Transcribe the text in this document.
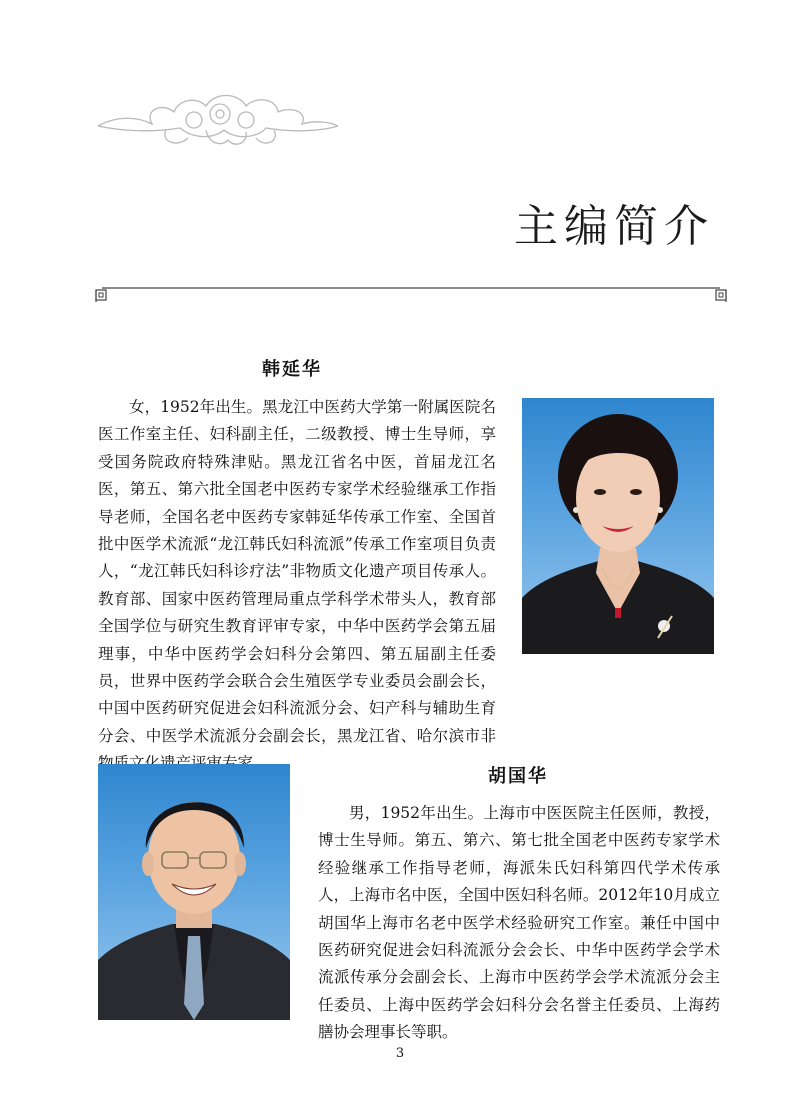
主编简介
韩延华

女，1952年出生。黑龙江中医药大学第一附属医院名医工作室主任、妇科副主任，二级教授、博士生导师，享受国务院政府特殊津贴。黑龙江省名中医，首届龙江名医，第五、第六批全国老中医药专家学术经验继承工作指导老师，全国名老中医药专家韩延华传承工作室、全国首批中医学术流派“龙江韩氏妇科流派”传承工作室项目负责人，“龙江韩氏妇科诊疗法”非物质文化遗产项目传承人。教育部、国家中医药管理局重点学科学术带头人，教育部全国学位与研究生教育评审专家，中华中医药学会第五届理事，中华中医药学会妇科分会第四、第五届副主任委员，世界中医药学会联合会生殖医学专业委员会副会长，中国中医药研究促进会妇科流派分会、妇产科与辅助生育分会、中医学术流派分会副会长，黑龙江省、哈尔滨市非

胡国华

男，1952年出生。上海市中医医院主任医师，教授，博士生导师。第五、第六、第七批全国老中医药专家学术经验继承工作指导老师，海派朱氏妇科第四代学术传承人，上海市名中医，全国中医妇科名师。2012年10月成立胡国华上海市名老中医学术经验研究工作室。兼任中国中医药研究促进会妇科流派分会会长、中华中医药学会学术流派传承分会副会长、上海市中医药学会学术流派分会主任委员、上海中医药学会妇科分会名誉主任委员、上海药膳协会理事长等职。

3
